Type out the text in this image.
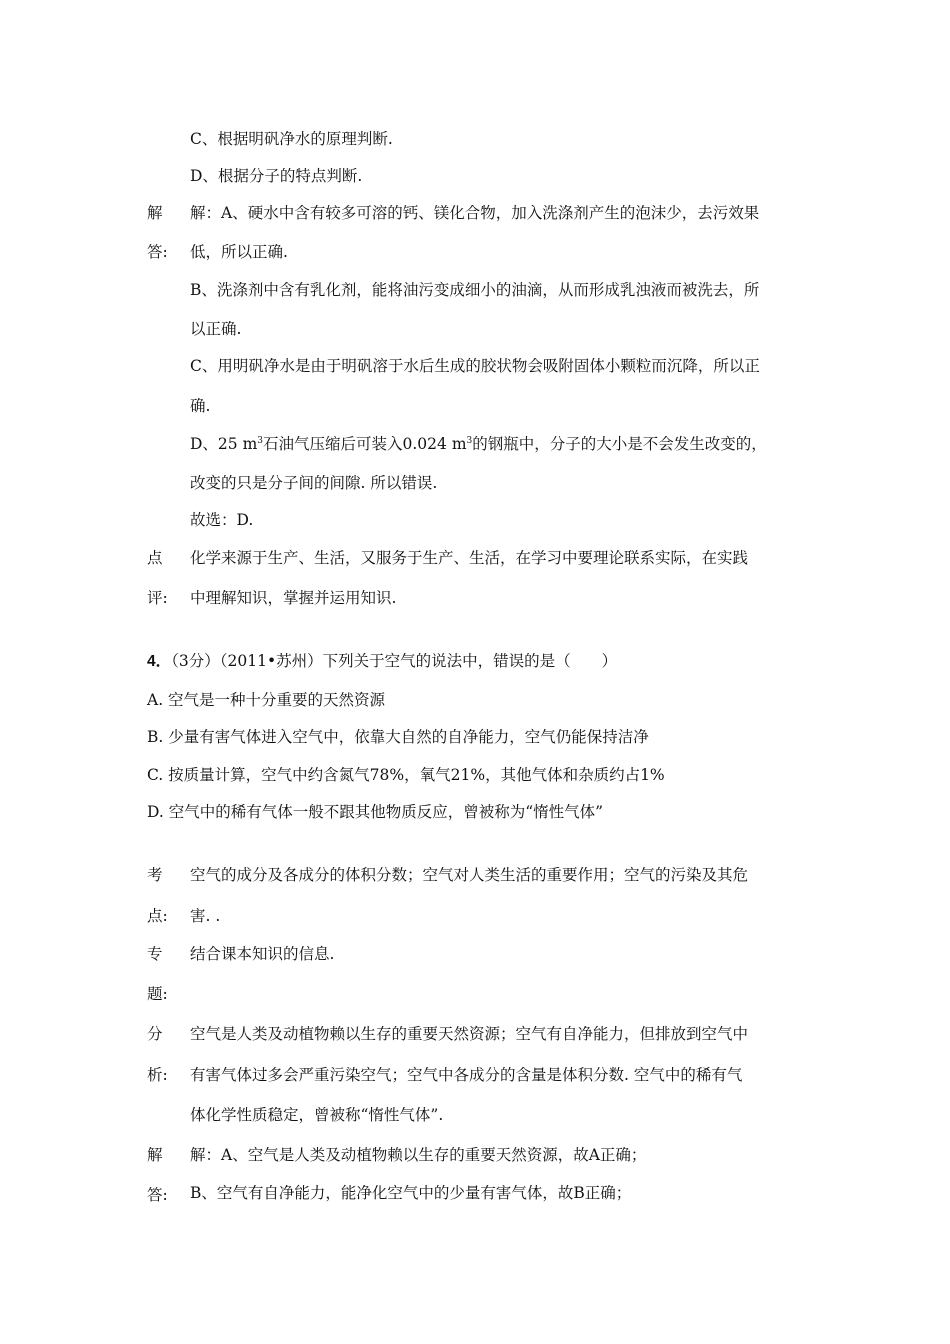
C、根据明矾净水的原理判断.
D、根据分子的特点判断.
解
答:
解：A、硬水中含有较多可溶的钙、镁化合物，加入洗涤剂产生的泡沫少，去污效果
低，所以正确.
B、洗涤剂中含有乳化剂，能将油污变成细小的油滴，从而形成乳浊液而被洗去，所
以正确.
C、用明矾净水是由于明矾溶于水后生成的胶状物会吸附固体小颗粒而沉降，所以正
确.
D、25 $m^3$石油气压缩后可装入0.024 $m^3$的钢瓶中，分子的大小是不会发生改变的，
改变的只是分子间的间隙. 所以错误.
故选：D.
点
评:
化学来源于生产、生活，又服务于生产、生活，在学习中要理论联系实际，在实践
中理解知识，掌握并运用知识.
4．（3分）（2011•苏州）下列关于空气的说法中，错误的是（　　）
A. 空气是一种十分重要的天然资源
B. 少量有害气体进入空气中，依靠大自然的自净能力，空气仍能保持洁净
C. 按质量计算，空气中约含氮气78%，氧气21%，其他气体和杂质约占1%
D. 空气中的稀有气体一般不跟其他物质反应，曾被称为“惰性气体”
考
点:
空气的成分及各成分的体积分数；空气对人类生活的重要作用；空气的污染及其危
害. .
专
题:
结合课本知识的信息.
分
析:
空气是人类及动植物赖以生存的重要天然资源；空气有自净能力，但排放到空气中
有害气体过多会严重污染空气；空气中各成分的含量是体积分数. 空气中的稀有气
体化学性质稳定，曾被称“惰性气体”.
解
答:
解：A、空气是人类及动植物赖以生存的重要天然资源，故A正确；
B、空气有自净能力，能净化空气中的少量有害气体，故B正确；
